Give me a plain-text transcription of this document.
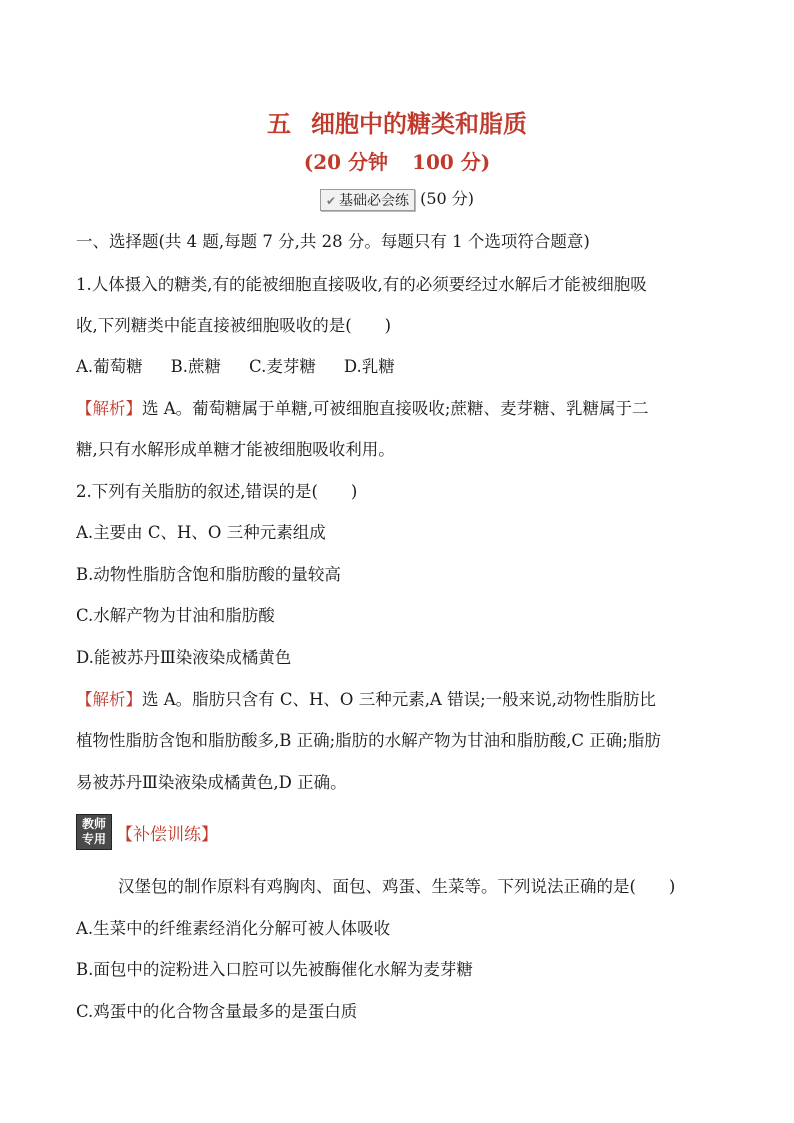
五 细胞中的糖类和脂质
(20 分钟 100 分)
✔ 基础必会练 (50 分)
一、选择题(共 4 题,每题 7 分,共 28 分。每题只有 1 个选项符合题意)
1.人体摄入的糖类,有的能被细胞直接吸收,有的必须要经过水解后才能被细胞吸
收,下列糖类中能直接被细胞吸收的是(　　)
A.葡萄糖 B.蔗糖 C.麦芽糖 D.乳糖
【解析】选 A。葡萄糖属于单糖,可被细胞直接吸收;蔗糖、麦芽糖、乳糖属于二
糖,只有水解形成单糖才能被细胞吸收利用。
2.下列有关脂肪的叙述,错误的是(　　)
A.主要由 C、H、O 三种元素组成
B.动物性脂肪含饱和脂肪酸的量较高
C.水解产物为甘油和脂肪酸
D.能被苏丹Ⅲ染液染成橘黄色
【解析】选 A。脂肪只含有 C、H、O 三种元素,A 错误;一般来说,动物性脂肪比
植物性脂肪含饱和脂肪酸多,B 正确;脂肪的水解产物为甘油和脂肪酸,C 正确;脂肪
易被苏丹Ⅲ染液染成橘黄色,D 正确。
教师
专用 【补偿训练】
汉堡包的制作原料有鸡胸肉、面包、鸡蛋、生菜等。下列说法正确的是(　　)
A.生菜中的纤维素经消化分解可被人体吸收
B.面包中的淀粉进入口腔可以先被酶催化水解为麦芽糖
C.鸡蛋中的化合物含量最多的是蛋白质
